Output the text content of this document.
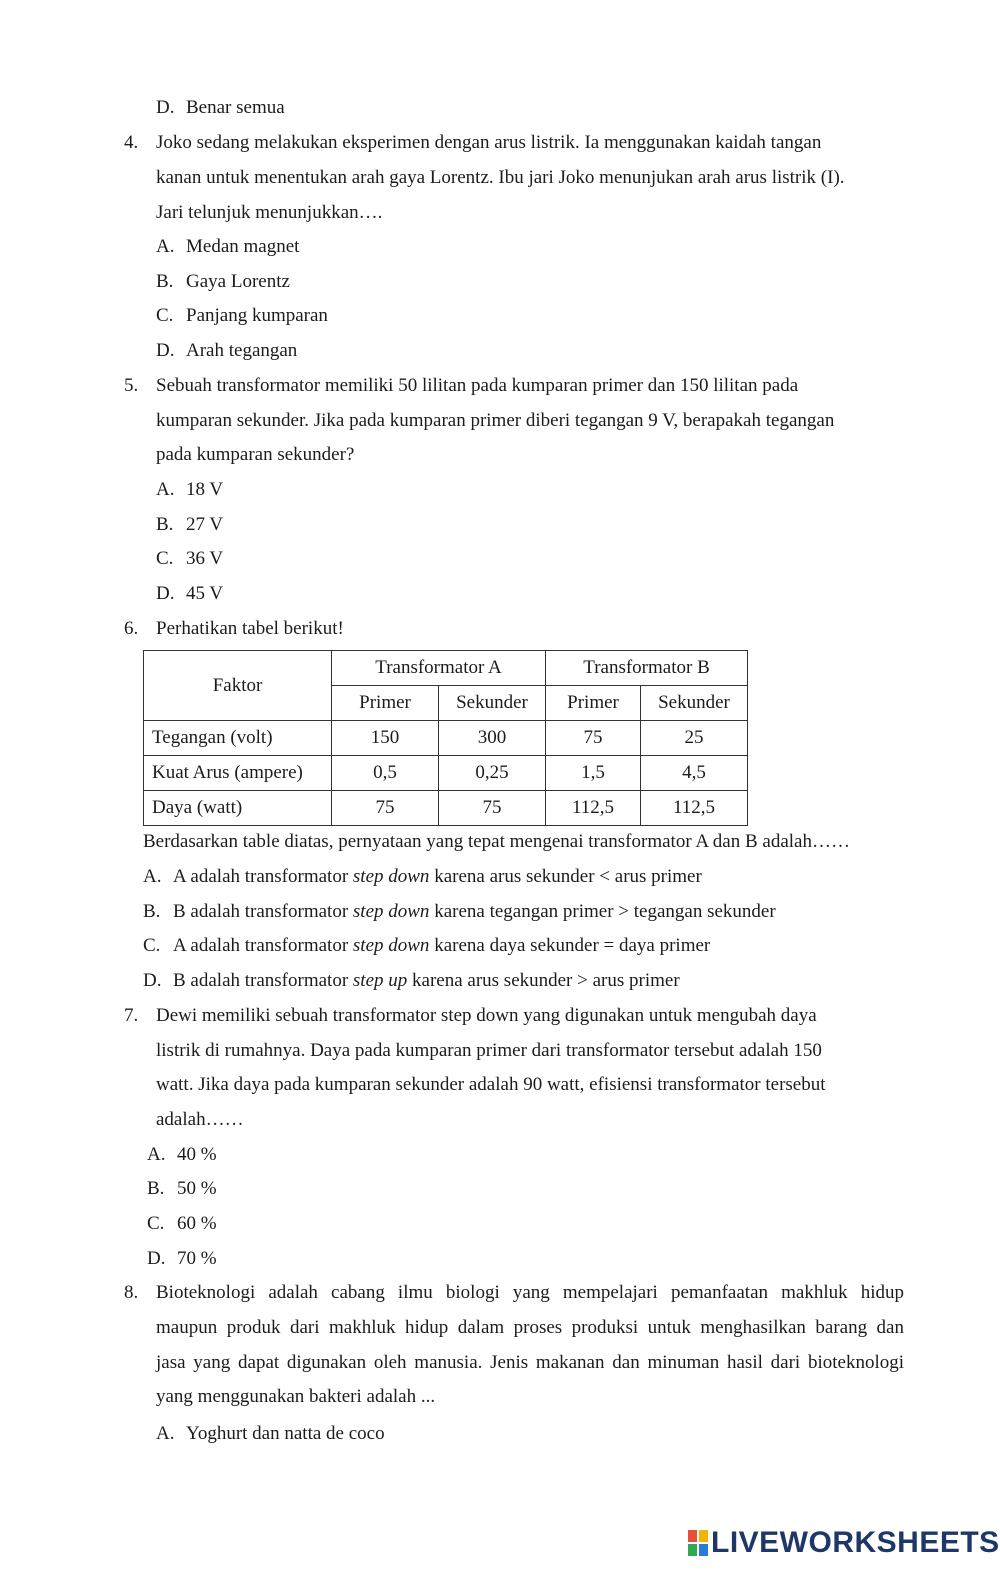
D. Benar semua
4. Joko sedang melakukan eksperimen dengan arus listrik. Ia menggunakan kaidah tangan
kanan untuk menentukan arah gaya Lorentz. Ibu jari Joko menunjukan arah arus listrik (I).
Jari telunjuk menunjukkan….
A. Medan magnet
B. Gaya Lorentz
C. Panjang kumparan
D. Arah tegangan
5. Sebuah transformator memiliki 50 lilitan pada kumparan primer dan 150 lilitan pada
kumparan sekunder. Jika pada kumparan primer diberi tegangan 9 V, berapakah tegangan
pada kumparan sekunder?
A. 18 V
B. 27 V
C. 36 V
D. 45 V
6. Perhatikan tabel berikut!
Faktor	Transformator A		Transformator B	
	Primer	Sekunder	Primer	Sekunder
Tegangan (volt)	150	300	75	25
Kuat Arus (ampere)	0,5	0,25	1,5	4,5
Daya (watt)	75	75	112,5	112,5
Berdasarkan table diatas, pernyataan yang tepat mengenai transformator A dan B adalah……
A. A adalah transformator step down karena arus sekunder < arus primer
B. B adalah transformator step down karena tegangan primer > tegangan sekunder
C. A adalah transformator step down karena daya sekunder = daya primer
D. B adalah transformator step up karena arus sekunder > arus primer
7. Dewi memiliki sebuah transformator step down yang digunakan untuk mengubah daya
listrik di rumahnya. Daya pada kumparan primer dari transformator tersebut adalah 150
watt. Jika daya pada kumparan sekunder adalah 90 watt, efisiensi transformator tersebut
adalah……
A. 40 %
B. 50 %
C. 60 %
D. 70 %
8. Bioteknologi adalah cabang ilmu biologi yang mempelajari pemanfaatan makhluk hidup
maupun produk dari makhluk hidup dalam proses produksi untuk menghasilkan barang dan
jasa yang dapat digunakan oleh manusia. Jenis makanan dan minuman hasil dari bioteknologi
yang menggunakan bakteri adalah ...
A. Yoghurt dan natta de coco
LIVEWORKSHEETS
